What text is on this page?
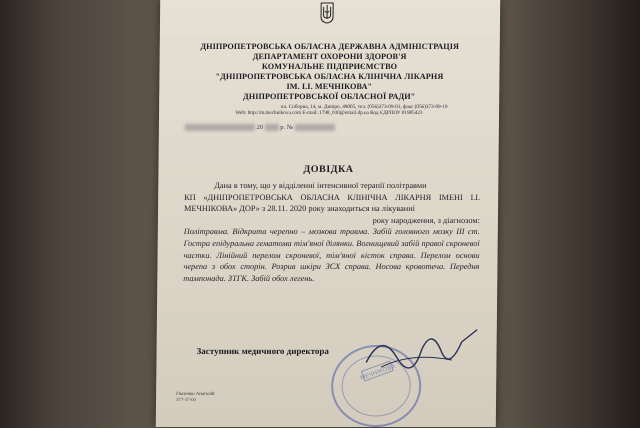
ДНІПРОПЕТРОВСЬКА ОБЛАСНА ДЕРЖАВНА АДМІНІСТРАЦІЯ
ДЕПАРТАМЕНТ ОХОРОНИ ЗДОРОВ'Я
КОМУНАЛЬНЕ ПІДПРИЄМСТВО
"ДНІПРОПЕТРОВСЬКА ОБЛАСНА КЛІНІЧНА ЛІКАРНЯ
ІМ. І.І. МЕЧНІКОВА"
ДНІПРОПЕТРОВСЬКОЇ ОБЛАСНОЇ РАДИ"
пл. Соборна, 14, м. Дніпро, 49005, тел. (056)373-09-01, факс (056)373-09-19
Web: http://m.mechnikova.com E-mail: 1798_010@email.dp.ua Код ЄДРПОУ 01985423
20	р. №
ДОВІДКА

Дана в тому, що у відділенні інтенсивної терапії політравми

КП «ДНІПРОПЕТРОВСЬКА ОБЛАСНА КЛІНІЧНА ЛІКАРНЯ ІМЕНІ І.І. МЕЧНІКОВА» ДОР» з 28.11. 2020 року знаходиться на лікуванні

року народження, з діагнозом:

Політравма. Відкрита черепно – мозкова травма. Забій головного мозку III ст. Гостра епідуральна гематома тім'яної ділянки. Вогнищевий забій правої скроневої частки. Лінійний перелом скроневої, тім'яної кісток справа. Перелом основи черепа з обох сторін. Розрив шкіри ЗСХ справа. Носова кровотеча. Передня тампонада. ЗТГК. Забій обох легень.

Заступник медичного директора
МЕЧНІКОВА
Гнатенко Анатолій
377-37-03
